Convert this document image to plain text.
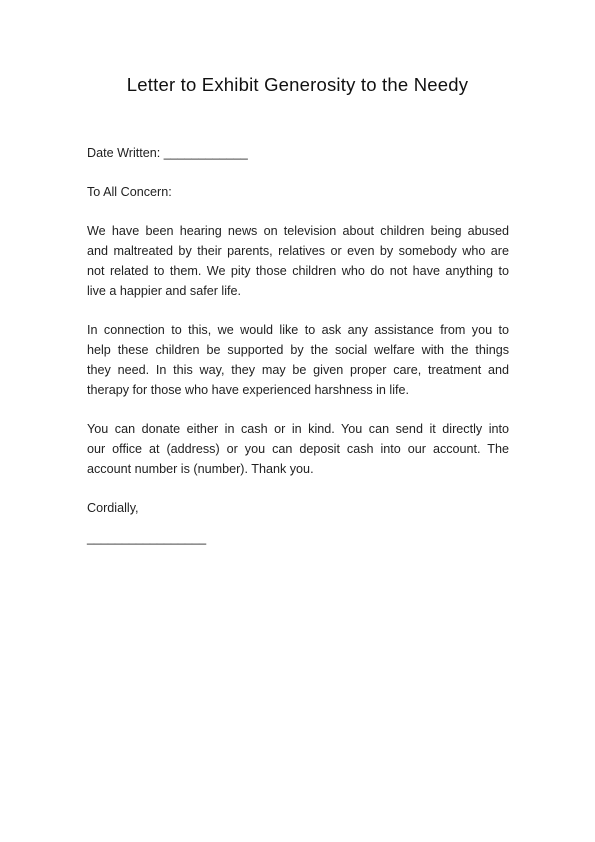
Letter to Exhibit Generosity to the Needy

Date Written: ____________

To All Concern:

We have been hearing news on television about children being abused
and maltreated by their parents, relatives or even by somebody who are
not related to them. We pity those children who do not have anything to
live a happier and safer life.

In connection to this, we would like to ask any assistance from you to
help these children be supported by the social welfare with the things
they need. In this way, they may be given proper care, treatment and
therapy for those who have experienced harshness in life.

You can donate either in cash or in kind. You can send it directly into
our office at (address) or you can deposit cash into our account. The
account number is (number). Thank you.

Cordially,
_________________
